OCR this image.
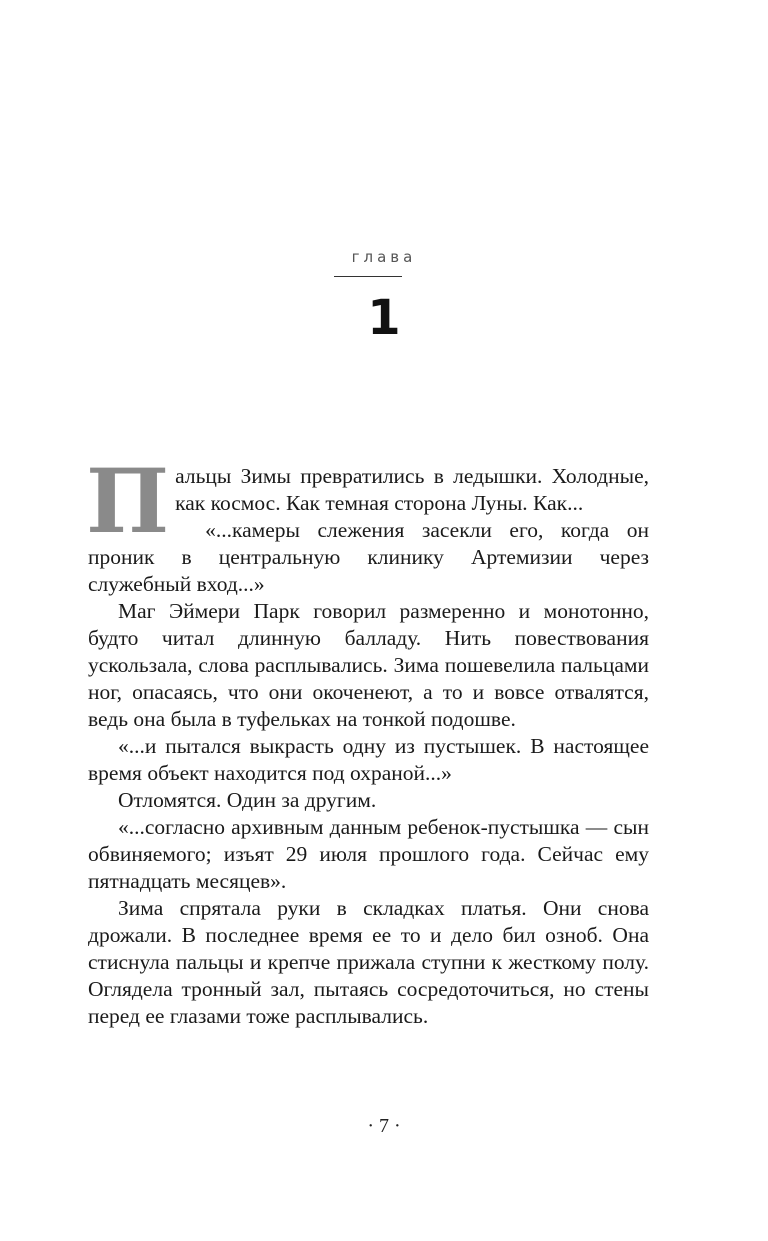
глава
1

Пальцы Зимы превратились в ледышки. Холодные, как космос. Как темная сторона Луны. Как...

«...камеры слежения засекли его, когда он проник в центральную клинику Артемизии через служебный вход...»

Маг Эймери Парк говорил размеренно и монотонно, будто читал длинную балладу. Нить повествования ускользала, слова расплывались. Зима пошевелила пальцами ног, опасаясь, что они окоченеют, а то и вовсе отвалятся, ведь она была в туфельках на тонкой подошве.

«...и пытался выкрасть одну из пустышек. В настоящее время объект находится под охраной...»

Отломятся. Один за другим.

«...согласно архивным данным ребенок-пустышка — сын обвиняемого; изъят 29 июля прошлого года. Сейчас ему пятнадцать месяцев».

Зима спрятала руки в складках платья. Они снова дрожали. В последнее время ее то и дело бил озноб. Она стиснула пальцы и крепче прижала ступни к жесткому полу. Оглядела тронный зал, пытаясь сосредоточиться, но стены перед ее глазами тоже расплывались.

· 7 ·
